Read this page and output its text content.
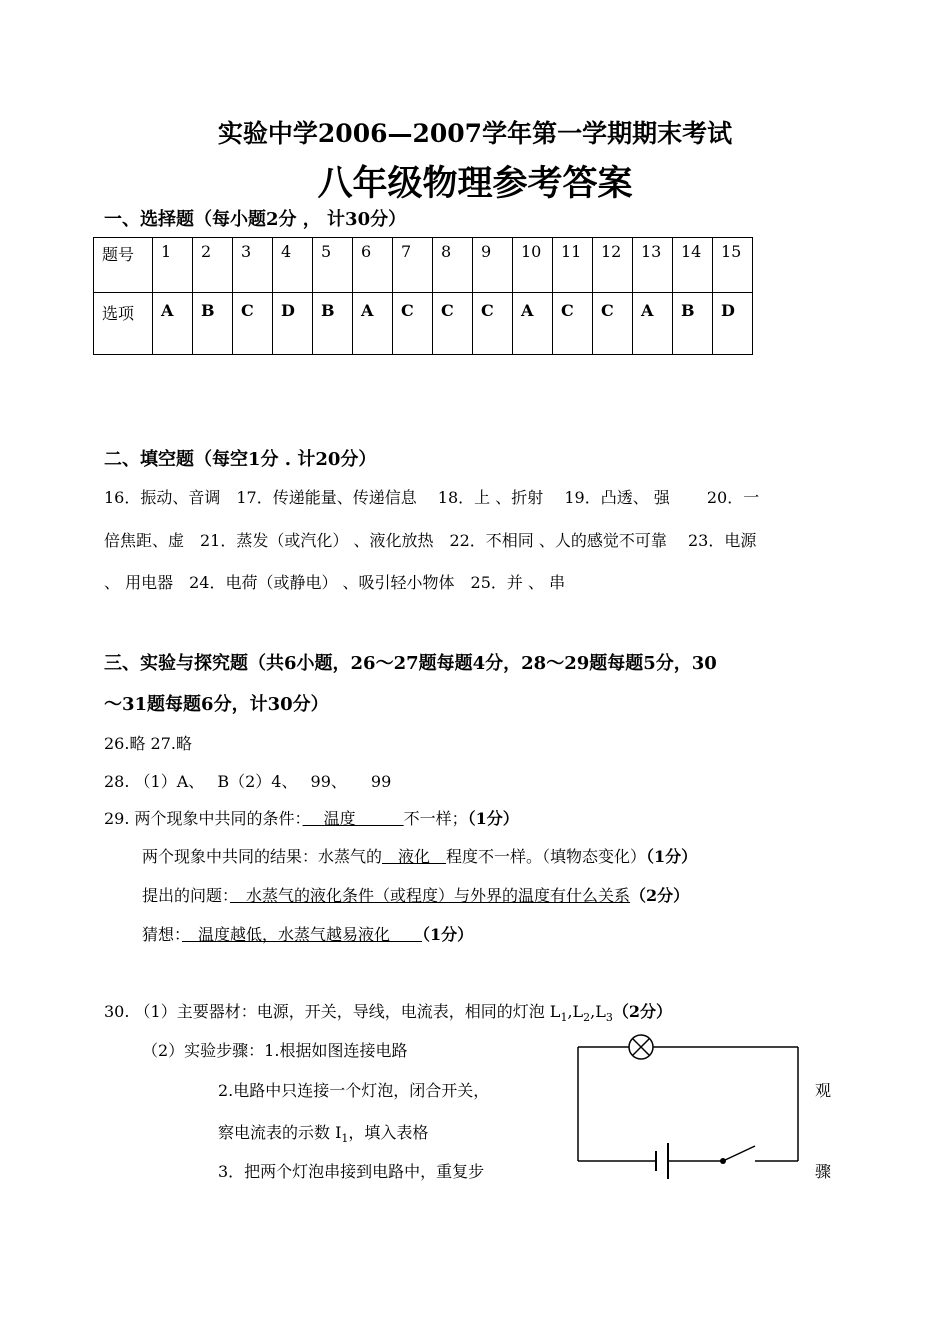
实验中学2006—2007学年第一学期期末考试
八年级物理参考答案
一、选择题（每小题2分 ， 计30分）
题号	1	2	3	4	5	6	7	8	9	10	11	12	13	14	15
选项	A	B	C	D	B	A	C	C	C	A	C	C	A	B	D
二、填空题（每空1分 . 计20分）
16．振动、音调　17．传递能量、传递信息　 18．上 、折射　 19．凸透、 强　　 20．一
倍焦距、虚　21．蒸发（或汽化） 、液化放热　22．不相同 、人的感觉不可靠　 23．电源
、 用电器　24．电荷（或静电） 、吸引轻小物体　25．并 、 串
三、实验与探究题（共6小题，26～27题每题4分，28～29题每题5分，30
～31题每题6分，计30分）
26.略 27.略
28. （1）A、　 B（2）4、　 99、　　99
29. 两个现象中共同的条件：　 温度　　　不一样；（1分）
两个现象中共同的结果：水蒸气的　液化　程度不一样。（填物态变化）（1分）
提出的问题：　水蒸气的液化条件（或程度）与外界的温度有什么关系（2分）
猜想：　温度越低，水蒸气越易液化　　（1分）
30. （1）主要器材：电源，开关，导线，电流表，相同的灯泡 $L_1,L_2,L_3(2$分）
（2）实验步骤：1.根据如图连接电路
2.电路中只连接一个灯泡，闭合开关，
察电流表的示数 $I_1$，填入表格
3．把两个灯泡串接到电路中，重复步
观
骤
